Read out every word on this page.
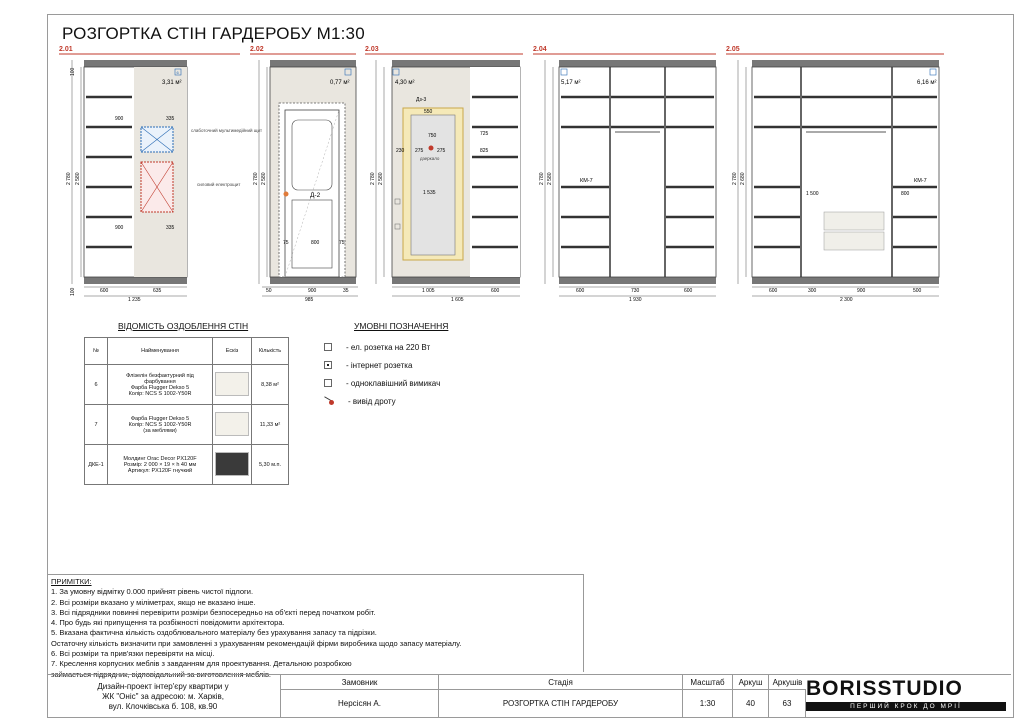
РОЗГОРТКА СТІН ГАРДЕРОБУ М1:30
2.01	2.02	2.03	2.04	2.05
6
3,31 м²
900	335
900	335
слаботочний мультимедійний щит
силовий електрощит
600	635
1 235
Д-2
0,77 м²
800
75	75
50	900	35
985
дзеркало
Дз-3
4,30 м²
550
750
230 275	275
725
825
1 535
1 005	600
1 605
5,17 м²
КМ-7
600	730	600
1 930
6,16 м²
КМ-7
1 500	800
600	300	900	500
2 300
2 780 2 580	2 780 2 580	2 780 2 580	2 780 2 580	2 780 2 680
100
100
ВІДОМІСТЬ ОЗДОБЛЕННЯ СТІН
№	Найменування	Ескіз	Кількість
6	Флізелін безфактурний під фарбування
Фарба Flugger Dekso 5
Колір: NCS S 1002-Y50R		8,38 м²
7	Фарба Flugger Dekso 5
Колір: NCS S 1002-Y50R
(за меблями)		11,33 м²
ДКЕ-1	Молдинг Orac Decor PX120F
Розмір: 2 000 × 19 × h 40 мм
Артикул: PX120F гнучкий		5,30 м.п.
УМОВНІ ПОЗНАЧЕННЯ
- ел. розетка на 220 Вт
- інтернет розетка
- одноклавішний вимикач
- вивід дроту
ПРИМІТКИ:
1. За умовну відмітку 0.000 прийнят рівень чистої підлоги.
2. Всі розміри вказано у міліметрах, якщо не вказано інше.
3. Всі підрядники повинні перевірити розміри безпосередньо на об'єкті перед початком робіт.
4. Про будь які припущення та розбіжності повідомити архітектора.
5. Вказана фактична кількість оздоблювального матеріалу без урахування запасу та підрізки.
Остаточну кількість визначити при замовленні з урахуванням рекомендацій фірми виробника щодо запасу матеріалу.
6. Всі розміри та прив'язки перевіряти на місці.
7. Креслення корпусних меблів з завданням для проектування. Детальною розробкою
займається підрядник, відповідальний за виготовлення меблів.
Дизайн-проект інтер'єру квартири у
ЖК "Оніс" за адресою: м. Харків,
вул. Клочківська б. 108, кв.90
Замовник
Нерсісян А.
Стадія
РОЗГОРТКА СТІН ГАРДЕРОБУ
Масштаб
1:30
Аркуш
40
Аркушів
63
BORISSTUDIO
ПЕРШИЙ КРОК ДО МРІЇ
